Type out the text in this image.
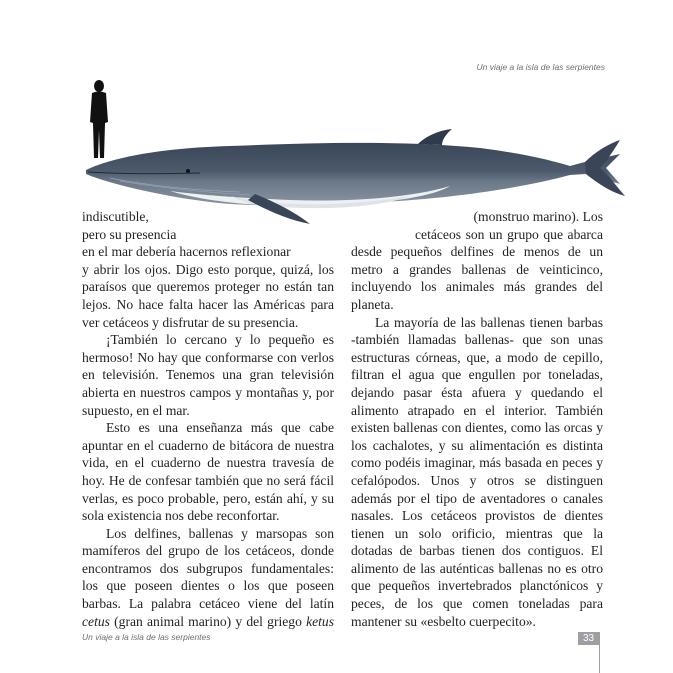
Un viaje a la isla de las serpientes

indiscutible,
pero su presencia
en el mar debería hacernos reflexionar
y abrir los ojos. Digo esto porque, quizá, los paraísos que queremos proteger no están tan lejos. No hace falta hacer las Américas para ver cetáceos y disfrutar de su presencia.

¡También lo cercano y lo pequeño es hermoso! No hay que conformarse con verlos en televisión. Tenemos una gran televisión abierta en nuestros campos y montañas y, por supuesto, en el mar.

Esto es una enseñanza más que cabe apuntar en el cuaderno de bitácora de nuestra vida, en el cuaderno de nuestra travesía de hoy. He de confesar también que no será fácil verlas, es poco probable, pero, están ahí, y su sola existencia nos debe reconfortar.

Los delfines, ballenas y marsopas son mamíferos del grupo de los cetáceos, donde encontramos dos subgrupos fundamentales: los que poseen dientes o los que poseen barbas. La palabra cetáceo viene del latín cetus (gran animal marino) y del griego ketus

(monstruo marino). Los
cetáceos son un grupo que abarca desde pequeños delfines de menos de un metro a grandes ballenas de veinticinco, incluyendo los animales más grandes del planeta.

La mayoría de las ballenas tienen barbas -también llamadas ballenas- que son unas estructuras córneas, que, a modo de cepillo, filtran el agua que engullen por toneladas, dejando pasar ésta afuera y quedando el alimento atrapado en el interior. También existen ballenas con dientes, como las orcas y los cachalotes, y su alimentación es distinta como podéis imaginar, más basada en peces y cefalópodos. Unos y otros se distinguen además por el tipo de aventadores o canales nasales. Los cetáceos provistos de dientes tienen un solo orificio, mientras que la dotadas de barbas tienen dos contiguos. El alimento de las auténticas ballenas no es otro que pequeños invertebrados planctónicos y peces, de los que comen toneladas para mantener su «esbelto cuerpecito».

Un viaje a la isla de las serpientes	33
